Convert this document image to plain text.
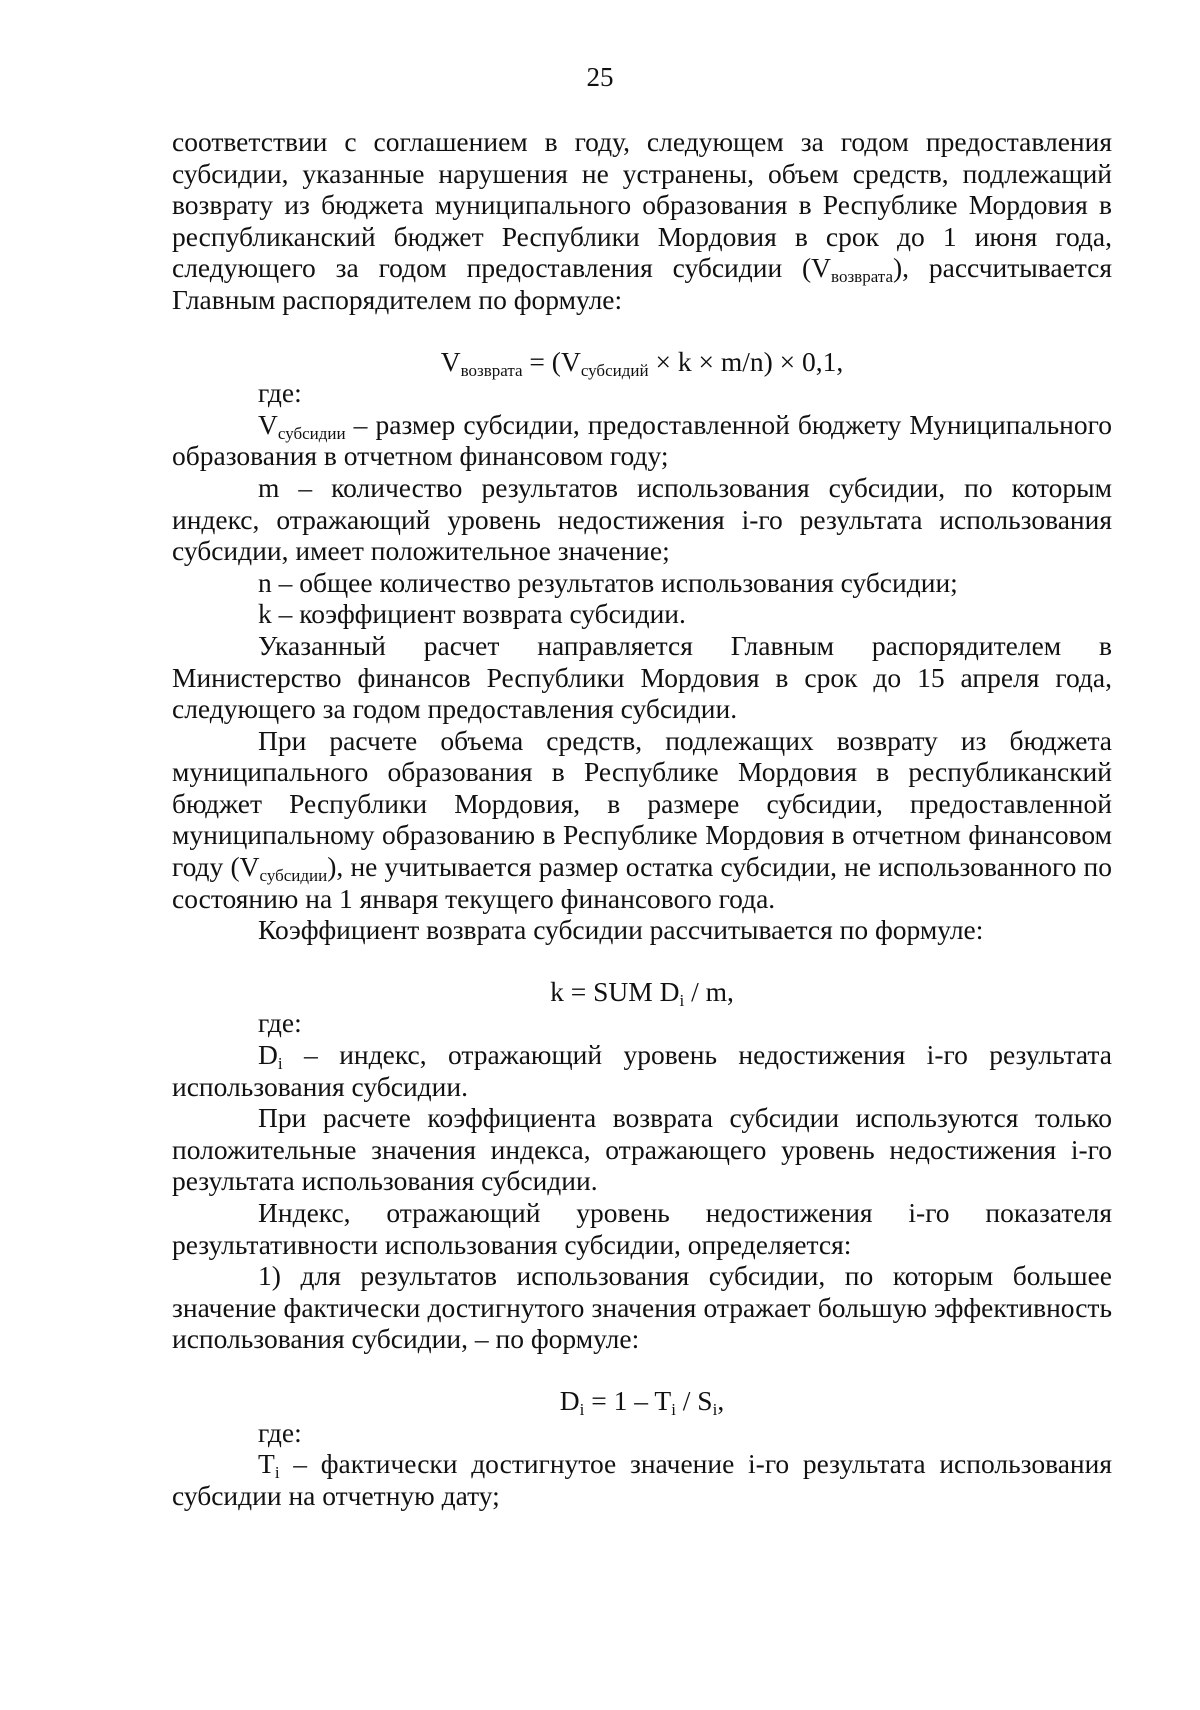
25

соответствии с соглашением в году, следующем за годом предоставления субсидии, указанные нарушения не устранены, объем средств, подлежащий возврату из бюджета муниципального образования в Республике Мордовия в республиканский бюджет Республики Мордовия в срок до 1 июня года, следующего за годом предоставления субсидии $(V_{возврата})$, рассчитывается Главным распорядителем по формуле:

$V_{возврата} = (V_{субсидий} \times k \times m/n) \times 0,1$,

где:

$V_{субсидии}$ – размер субсидии, предоставленной бюджету Муниципального образования в отчетном финансовом году;

m – количество результатов использования субсидии, по которым индекс, отражающий уровень недостижения i-го результата использования субсидии, имеет положительное значение;

n – общее количество результатов использования субсидии;

k – коэффициент возврата субсидии.

Указанный расчет направляется Главным распорядителем в Министерство финансов Республики Мордовия в срок до 15 апреля года, следующего за годом предоставления субсидии.

При расчете объема средств, подлежащих возврату из бюджета муниципального образования в Республике Мордовия в республиканский бюджет Республики Мордовия, в размере субсидии, предоставленной муниципальному образованию в Республике Мордовия в отчетном финансовом году $(V_{субсидии})$, не учитывается размер остатка субсидии, не использованного по состоянию на 1 января текущего финансового года.

Коэффициент возврата субсидии рассчитывается по формуле:

k = SUM $D_i$ / m,

где:

$D_i$ – индекс, отражающий уровень недостижения i-го результата использования субсидии.

При расчете коэффициента возврата субсидии используются только положительные значения индекса, отражающего уровень недостижения i-го результата использования субсидии.

Индекс, отражающий уровень недостижения i-го показателя результативности использования субсидии, определяется:

1) для результатов использования субсидии, по которым большее значение фактически достигнутого значения отражает большую эффективность использования субсидии, – по формуле:

$D_i = 1 - T_i / S_i$,

где:

$T_i$ – фактически достигнутое значение i-го результата использования субсидии на отчетную дату;
